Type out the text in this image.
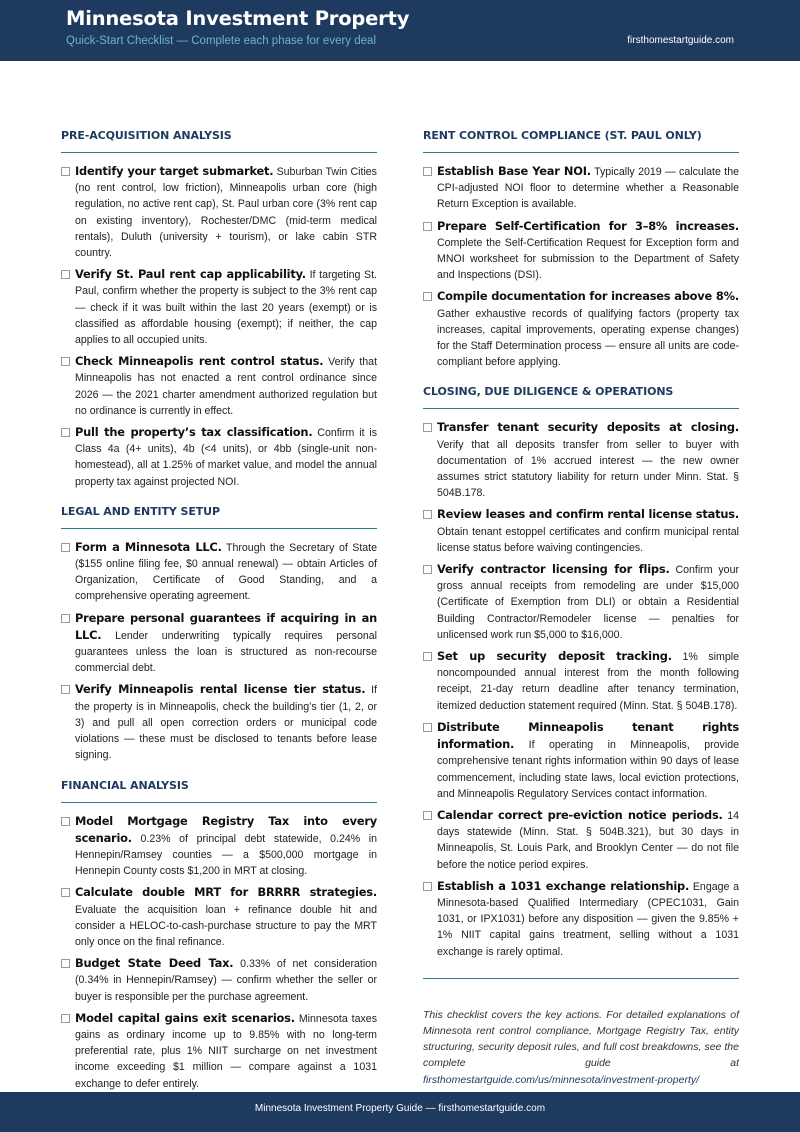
Minnesota Investment Property
Quick-Start Checklist — Complete each phase for every deal	firsthomestartguide.com
PRE-ACQUISITION ANALYSIS
Identify your target submarket. Suburban Twin Cities (no rent control, low friction), Minneapolis urban core (high regulation, no active rent cap), St. Paul urban core (3% rent cap on existing inventory), Rochester/DMC (mid-term medical rentals), Duluth (university + tourism), or lake cabin STR country.
Verify St. Paul rent cap applicability. If targeting St. Paul, confirm whether the property is subject to the 3% rent cap — check if it was built within the last 20 years (exempt) or is classified as affordable housing (exempt); if neither, the cap applies to all occupied units.
Check Minneapolis rent control status. Verify that Minneapolis has not enacted a rent control ordinance since 2026 — the 2021 charter amendment authorized regulation but no ordinance is currently in effect.
Pull the property’s tax classification. Confirm it is Class 4a (4+ units), 4b (<4 units), or 4bb (single-unit non-homestead), all at 1.25% of market value, and model the annual property tax against projected NOI.
LEGAL AND ENTITY SETUP
Form a Minnesota LLC. Through the Secretary of State ($155 online filing fee, $0 annual renewal) — obtain Articles of Organization, Certificate of Good Standing, and a comprehensive operating agreement.
Prepare personal guarantees if acquiring in an LLC. Lender underwriting typically requires personal guarantees unless the loan is structured as non-recourse commercial debt.
Verify Minneapolis rental license tier status. If the property is in Minneapolis, check the building’s tier (1, 2, or 3) and pull all open correction orders or municipal code violations — these must be disclosed to tenants before lease signing.
FINANCIAL ANALYSIS
Model Mortgage Registry Tax into every scenario. 0.23% of principal debt statewide, 0.24% in Hennepin/Ramsey counties — a $500,000 mortgage in Hennepin County costs $1,200 in MRT at closing.
Calculate double MRT for BRRRR strategies. Evaluate the acquisition loan + refinance double hit and consider a HELOC-to-cash-purchase structure to pay the MRT only once on the final refinance.
Budget State Deed Tax. 0.33% of net consideration (0.34% in Hennepin/Ramsey) — confirm whether the seller or buyer is responsible per the purchase agreement.
Model capital gains exit scenarios. Minnesota taxes gains as ordinary income up to 9.85% with no long-term preferential rate, plus 1% NIIT surcharge on net investment income exceeding $1 million — compare against a 1031 exchange to defer entirely.
RENT CONTROL COMPLIANCE (ST. PAUL ONLY)
Establish Base Year NOI. Typically 2019 — calculate the CPI-adjusted NOI floor to determine whether a Reasonable Return Exception is available.
Prepare Self-Certification for 3–8% increases. Complete the Self-Certification Request for Exception form and MNOI worksheet for submission to the Department of Safety and Inspections (DSI).
Compile documentation for increases above 8%. Gather exhaustive records of qualifying factors (property tax increases, capital improvements, operating expense changes) for the Staff Determination process — ensure all units are code-compliant before applying.
CLOSING, DUE DILIGENCE & OPERATIONS
Transfer tenant security deposits at closing. Verify that all deposits transfer from seller to buyer with documentation of 1% accrued interest — the new owner assumes strict statutory liability for return under Minn. Stat. § 504B.178.
Review leases and confirm rental license status. Obtain tenant estoppel certificates and confirm municipal rental license status before waiving contingencies.
Verify contractor licensing for flips. Confirm your gross annual receipts from remodeling are under $15,000 (Certificate of Exemption from DLI) or obtain a Residential Building Contractor/Remodeler license — penalties for unlicensed work run $5,000 to $16,000.
Set up security deposit tracking. 1% simple noncompounded annual interest from the month following receipt, 21-day return deadline after tenancy termination, itemized deduction statement required (Minn. Stat. § 504B.178).
Distribute Minneapolis tenant rights information. If operating in Minneapolis, provide comprehensive tenant rights information within 90 days of lease commencement, including state laws, local eviction protections, and Minneapolis Regulatory Services contact information.
Calendar correct pre-eviction notice periods. 14 days statewide (Minn. Stat. § 504B.321), but 30 days in Minneapolis, St. Louis Park, and Brooklyn Center — do not file before the notice period expires.
Establish a 1031 exchange relationship. Engage a Minnesota-based Qualified Intermediary (CPEC1031, Gain 1031, or IPX1031) before any disposition — given the 9.85% + 1% NIIT capital gains treatment, selling without a 1031 exchange is rarely optimal.

This checklist covers the key actions. For detailed explanations of Minnesota rent control compliance, Mortgage Registry Tax, entity structuring, security deposit rules, and full cost breakdowns, see the complete guide at firsthomestartguide.com/us/minnesota/investment-property/

Minnesota Investment Property Guide — firsthomestartguide.com
